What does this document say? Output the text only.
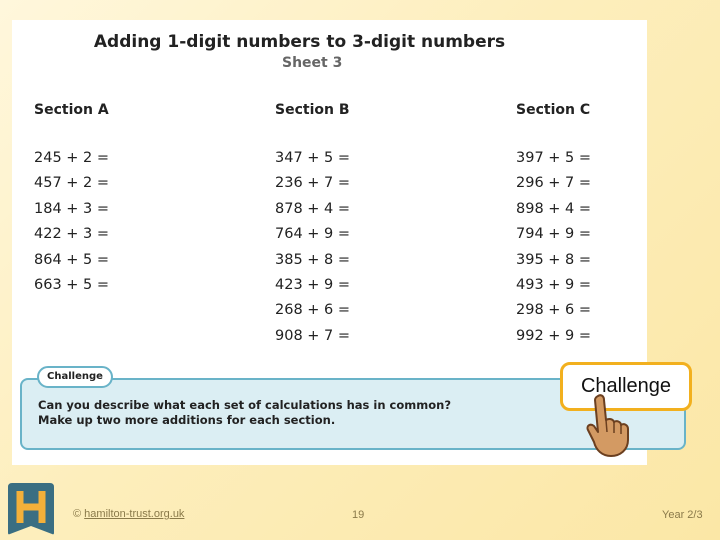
Adding 1-digit numbers to 3-digit numbers
Sheet 3
Section A
245 + 2 =
457 + 2 =
184 + 3 =
422 + 3 =
864 + 5 =
663 + 5 =
Section B
347 + 5 =
236 + 7 =
878 + 4 =
764 + 9 =
385 + 8 =
423 + 9 =
268 + 6 =
908 + 7 =
Section C
397 + 5 =
296 + 7 =
898 + 4 =
794 + 9 =
395 + 8 =
493 + 9 =
298 + 6 =
992 + 9 =
Challenge
Can you describe what each set of calculations has in common?
Make up two more additions for each section.
Challenge
© hamilton-trust.org.uk	19	Year 2/3
